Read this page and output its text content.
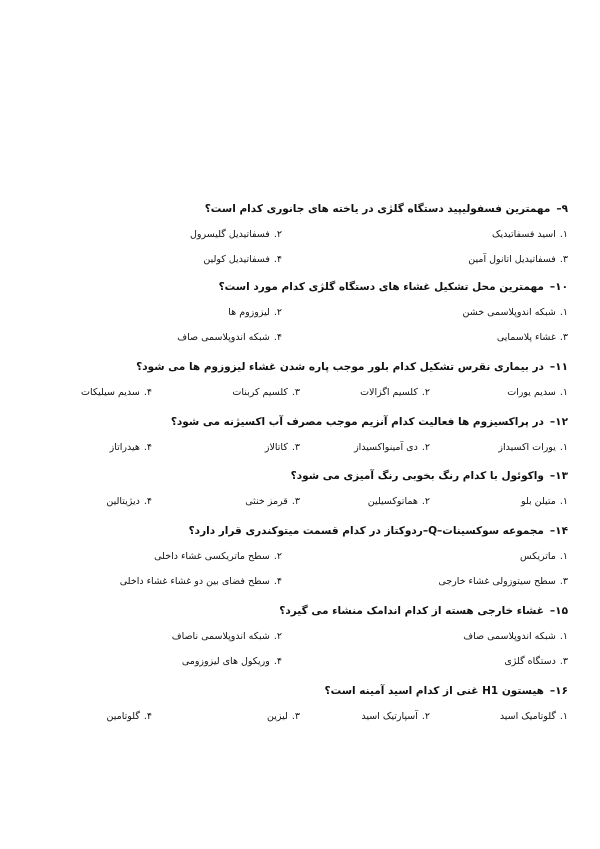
۹–مهمترین فسفولیپید دستگاه گلژی در یاخته های جانوری کدام است؟
۱.اسید فسفاتیدیک
۲.فسفاتیدیل گلیسرول
۳.فسفاتیدیل اتانول آمین
۴.فسفاتیدیل کولین
۱۰–مهمترین محل تشکیل غشاء های دستگاه گلژی کدام مورد است؟
۱.شبکه اندوپلاسمی خشن
۲.لیزوزوم ها
۳.غشاء پلاسمایی
۴.شبکه اندوپلاسمی صاف
۱۱–در بیماری نقرس تشکیل کدام بلور موجب پاره شدن غشاء لیزوزوم ها می شود؟
۱.سدیم یورات
۲.کلسیم اگزالات
۳.کلسیم کربنات
۴.سدیم سیلیکات
۱۲–در پراکسیزوم ها فعالیت کدام آنزیم موجب مصرف آب اکسیژنه می شود؟
۱.یورات اکسیداز
۲.دی آمینواکسیداز
۳.کاتالاز
۴.هیدراتاز
۱۳–واکوئول با کدام رنگ بخوبی رنگ آمیزی می شود؟
۱.متیلن بلو
۲.هماتوکسیلین
۳.قرمز خنثی
۴.دیژیتالین
۱۴–مجموعه سوکسینات–Q–ردوکتاز در کدام قسمت میتوکندری قرار دارد؟
۱.ماتریکس
۲.سطح ماتریکسی غشاء داخلی
۳.سطح سیتوزولی غشاء خارجی
۴.سطح فضای بین دو غشاء غشاء داخلی
۱۵–غشاء خارجی هسته از کدام اندامک منشاء می گیرد؟
۱.شبکه اندوپلاسمی صاف
۲.شبکه اندوپلاسمی ناصاف
۳.دستگاه گلژی
۴.وریکول های لیزوزومی
۱۶–هیستون H1 غنی از کدام اسید آمینه است؟
۱.گلوتامیک اسید
۲.آسپارتیک اسید
۳.لیزین
۴.گلوتامین
